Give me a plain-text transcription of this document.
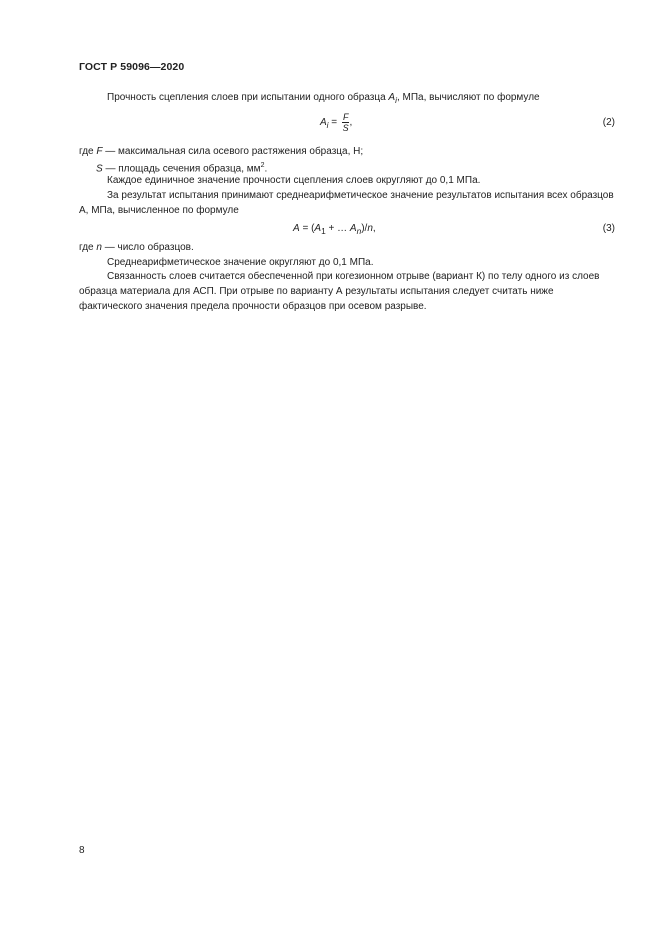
ГОСТ Р 59096—2020

Прочность сцепления слоев при испытании одного образца $A_i$, МПа, вычисляют по формуле

$A_i = \frac{F}{S}$ ,	(2)
где F — максимальная сила осевого растяжения образца, Н;
S — площадь сечения образца, $мм^2$.

Каждое единичное значение прочности сцепления слоев округляют до 0,1 МПа.

За результат испытания принимают среднеарифметическое значение результатов испытания всех образцов A, МПа, вычисленное по формуле

$A = (A_1$ + … $A_n)/n$,	(3)
где n — число образцов.

Среднеарифметическое значение округляют до 0,1 МПа.

Связанность слоев считается обеспеченной при когезионном отрыве (вариант К) по телу одного из слоев образца материала для АСП. При отрыве по варианту А результаты испытания следует считать ниже фактического значения предела прочности образцов при осевом разрыве.

8
